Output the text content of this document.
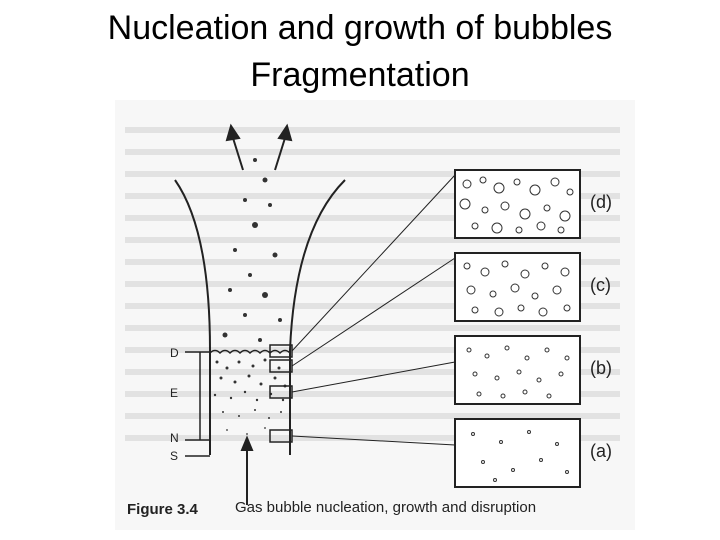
Nucleation and growth of bubbles
Fragmentation
D
E
N
S
(d)
(c)
(b)
(a)
Figure 3.4 Gas bubble nucleation, growth and disruption
